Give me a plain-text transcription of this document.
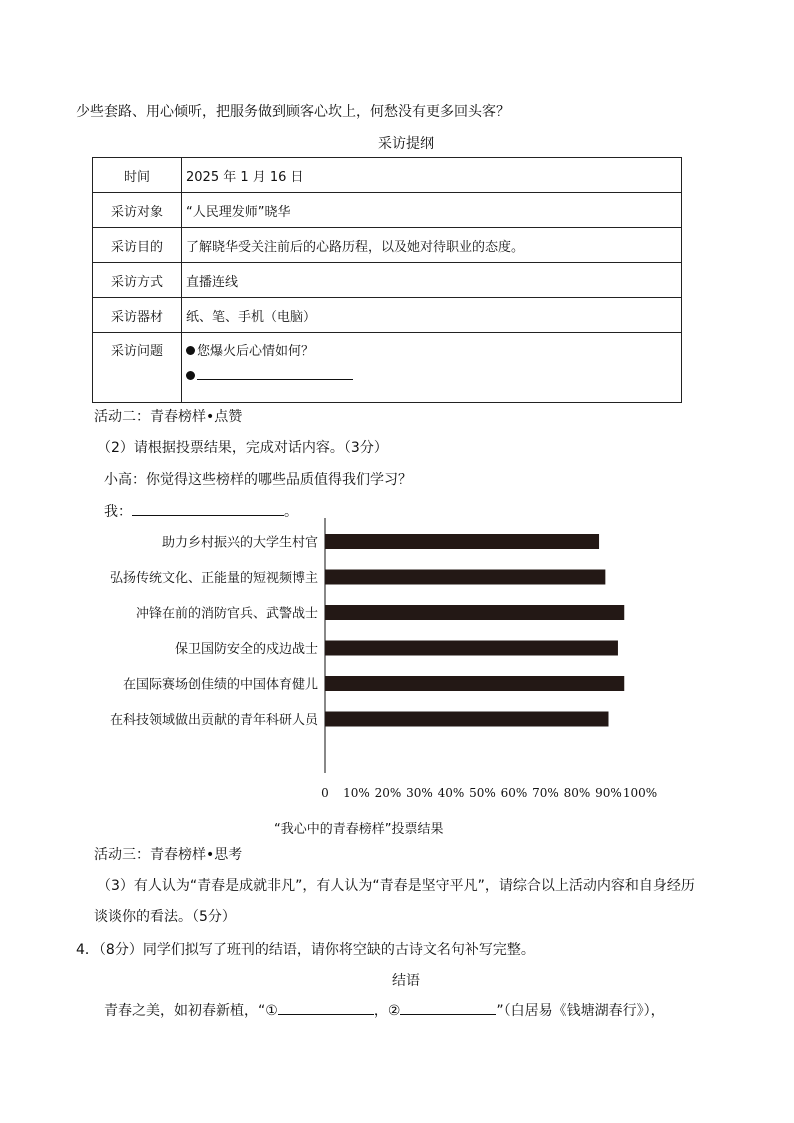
少些套路、用心倾听，把服务做到顾客心坎上，何愁没有更多回头客？
采访提纲
时间	2025 年 1 月 16 日
采访对象	“人民理发师”晓华
采访目的	了解晓华受关注前后的心路历程，以及她对待职业的态度。
采访方式	直播连线
采访器材	纸、笔、手机（电脑）
采访问题	您爆火后心情如何？
活动二：青春榜样•点赞
（2）请根据投票结果，完成对话内容。（3分）
小高：你觉得这些榜样的哪些品质值得我们学习？
我：	。
助力乡村振兴的大学生村官
弘扬传统文化、正能量的短视频博主
冲锋在前的消防官兵、武警战士
保卫国防安全的戍边战士
在国际赛场创佳绩的中国体育健儿
在科技领域做出贡献的青年科研人员
0 10% 20% 30% 40% 50% 60% 70% 80% 90% 100%
“我心中的青春榜样”投票结果
活动三：青春榜样•思考
（3）有人认为“青春是成就非凡”，有人认为“青春是坚守平凡”，请综合以上活动内容和自身经历
谈谈你的看法。（5分）
4．（8分）同学们拟写了班刊的结语，请你将空缺的古诗文名句补写完整。
结语
青春之美，如初春新植，“①	，②	”（白居易《钱塘湖春行》），
